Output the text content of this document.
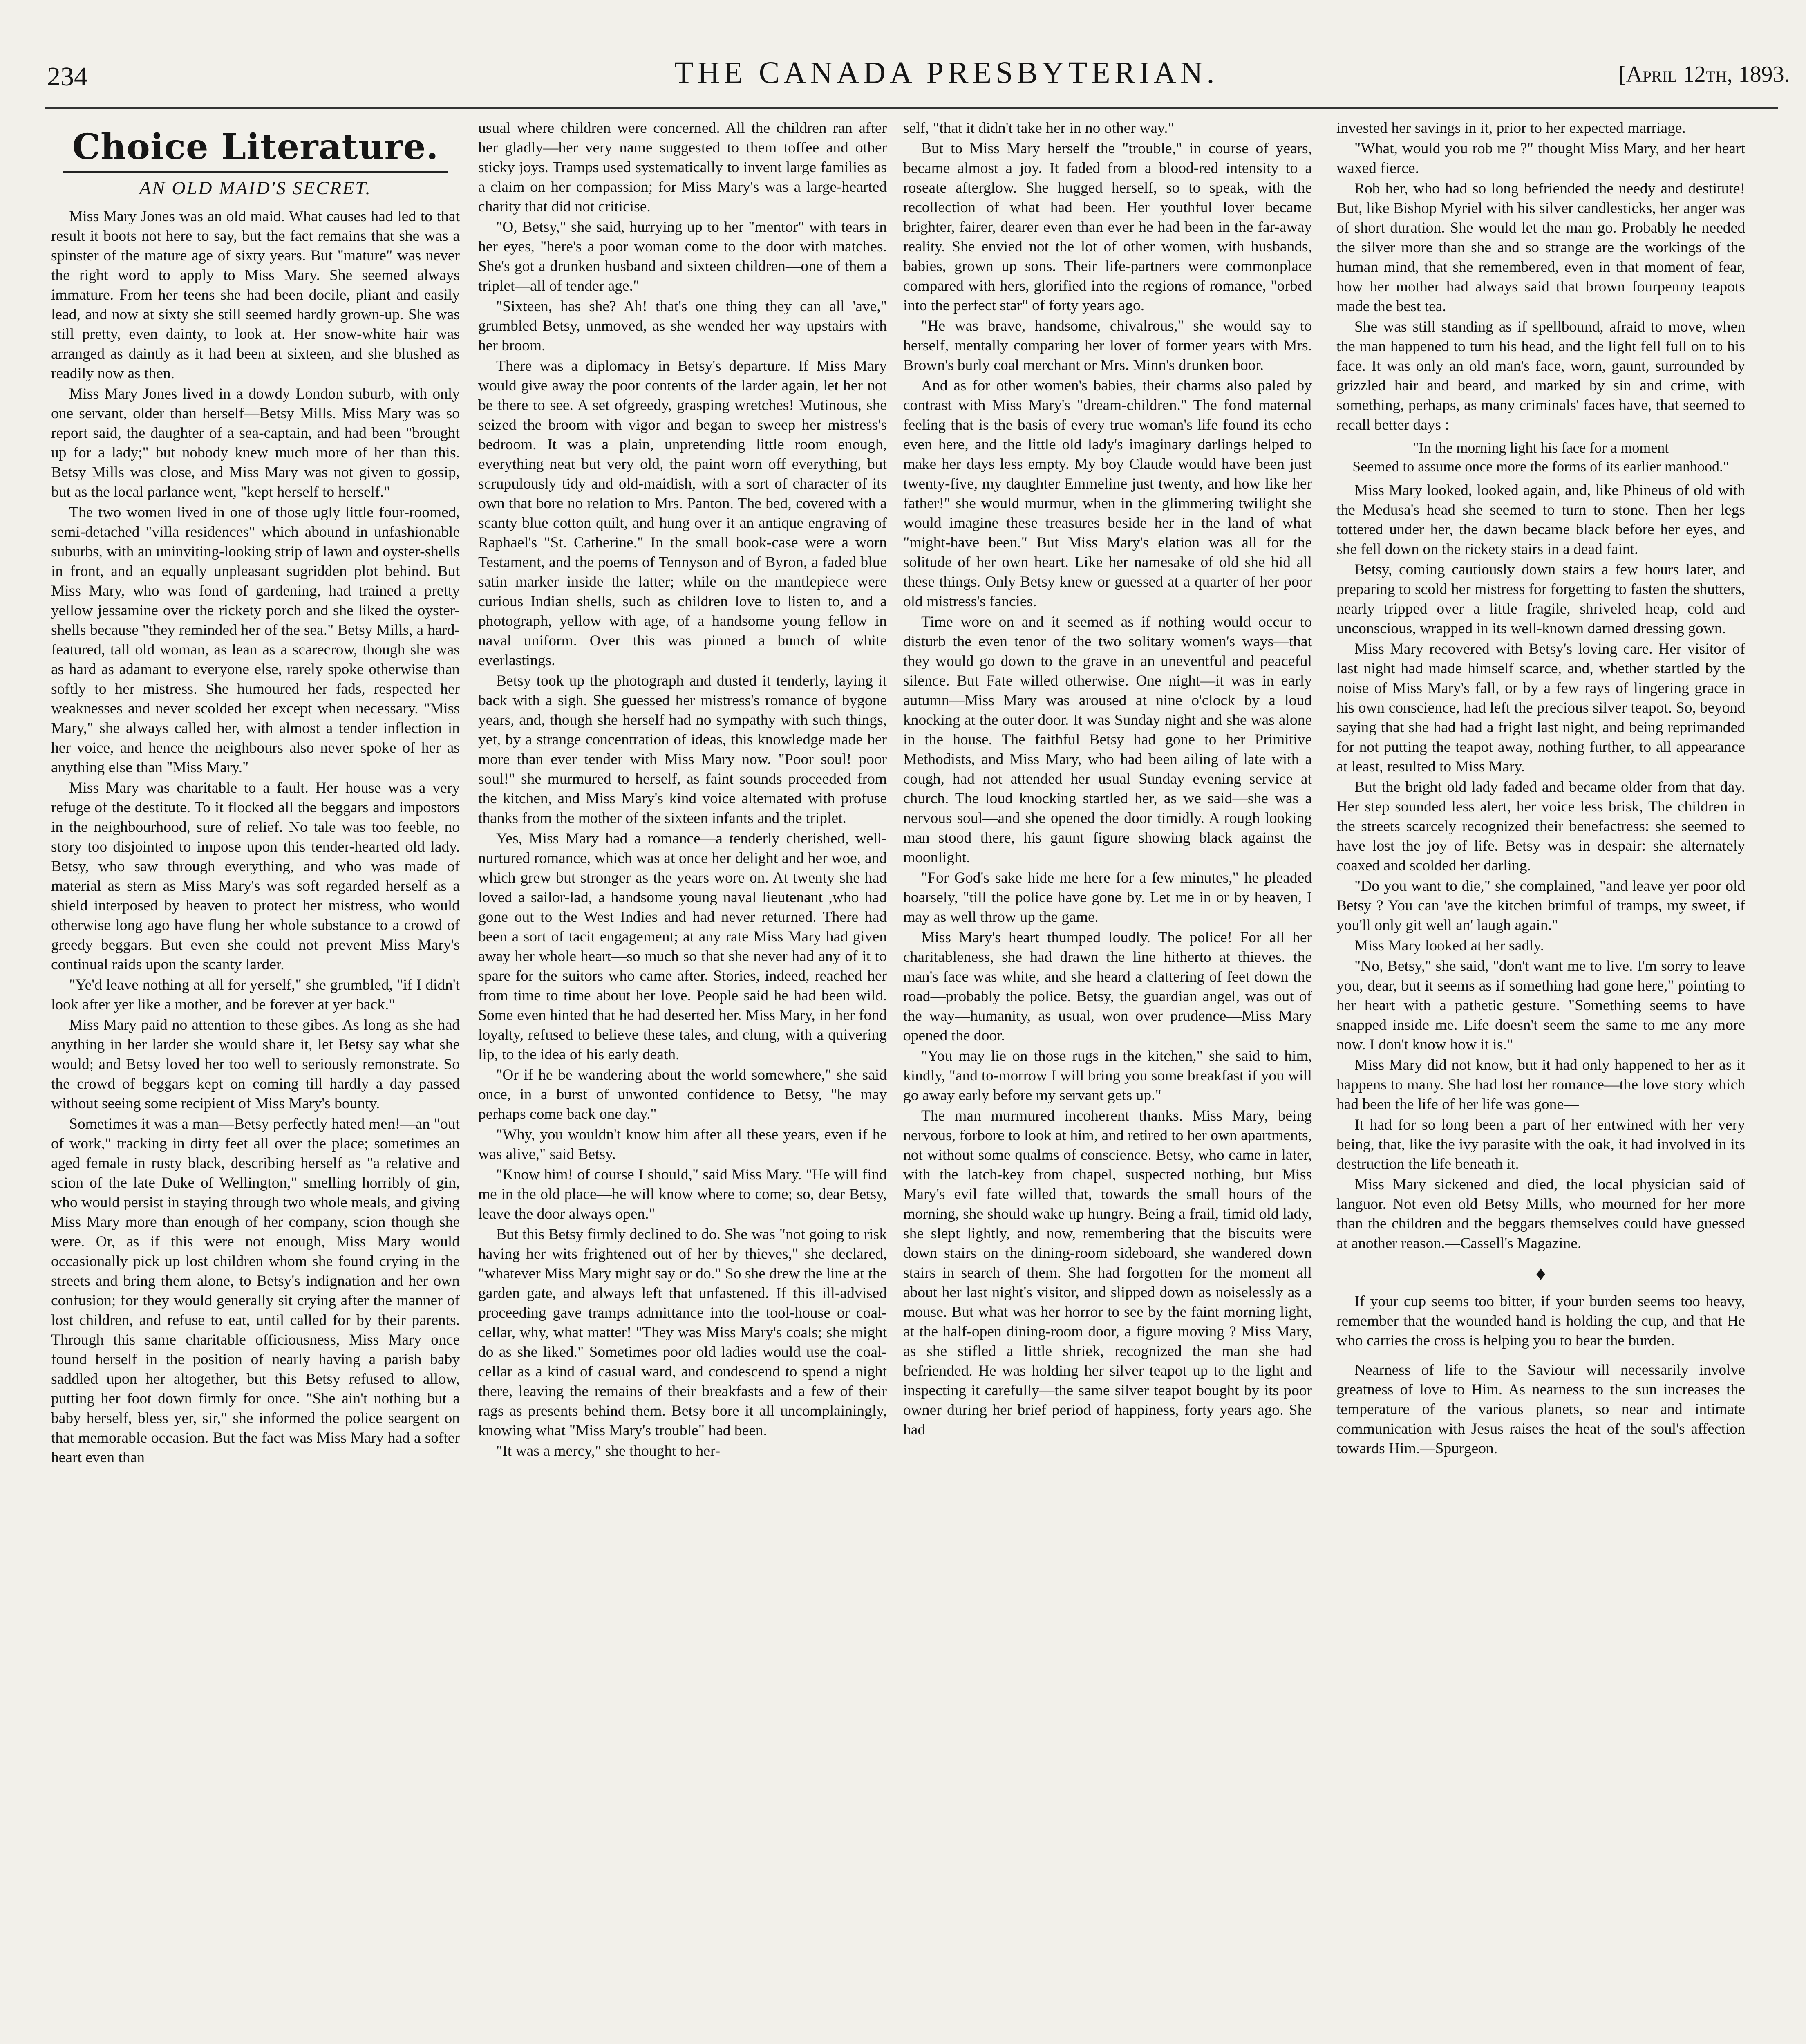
234	THE CANADA PRESBYTERIAN.	[April 12th, 1893.
Choice Literature.
AN OLD MAID'S SECRET.

Miss Mary Jones was an old maid. What causes had led to that result it boots not here to say, but the fact remains that she was a spinster of the mature age of sixty years. But "mature" was never the right word to apply to Miss Mary. She seemed always immature. From her teens she had been docile, pliant and easily lead, and now at sixty she still seemed hardly grown-up. She was still pretty, even dainty, to look at. Her snow-white hair was arranged as daintly as it had been at sixteen, and she blushed as readily now as then.

Miss Mary Jones lived in a dowdy London suburb, with only one servant, older than herself—Betsy Mills. Miss Mary was so report said, the daughter of a sea-captain, and had been "brought up for a lady;" but nobody knew much more of her than this. Betsy Mills was close, and Miss Mary was not given to gossip, but as the local parlance went, "kept herself to herself."

The two women lived in one of those ugly little four-roomed, semi-detached "villa residences" which abound in unfashionable suburbs, with an uninviting-looking strip of lawn and oyster-shells in front, and an equally unpleasant sugridden plot behind. But Miss Mary, who was fond of gardening, had trained a pretty yellow jessamine over the rickety porch and she liked the oyster-shells because "they reminded her of the sea." Betsy Mills, a hard-featured, tall old woman, as lean as a scarecrow, though she was as hard as adamant to everyone else, rarely spoke otherwise than softly to her mistress. She humoured her fads, respected her weaknesses and never scolded her except when necessary. "Miss Mary," she always called her, with almost a tender inflection in her voice, and hence the neighbours also never spoke of her as anything else than "Miss Mary."

Miss Mary was charitable to a fault. Her house was a very refuge of the destitute. To it flocked all the beggars and impostors in the neighbourhood, sure of relief. No tale was too feeble, no story too disjointed to impose upon this tender-hearted old lady. Betsy, who saw through everything, and who was made of material as stern as Miss Mary's was soft regarded herself as a shield interposed by heaven to protect her mistress, who would otherwise long ago have flung her whole substance to a crowd of greedy beggars. But even she could not prevent Miss Mary's continual raids upon the scanty larder.

"Ye'd leave nothing at all for yerself," she grumbled, "if I didn't look after yer like a mother, and be forever at yer back."

Miss Mary paid no attention to these gibes. As long as she had anything in her larder she would share it, let Betsy say what she would; and Betsy loved her too well to seriously remonstrate. So the crowd of beggars kept on coming till hardly a day passed without seeing some recipient of Miss Mary's bounty.

Sometimes it was a man—Betsy perfectly hated men!—an "out of work," tracking in dirty feet all over the place; sometimes an aged female in rusty black, describing herself as "a relative and scion of the late Duke of Wellington," smelling horribly of gin, who would persist in staying through two whole meals, and giving Miss Mary more than enough of her company, scion though she were. Or, as if this were not enough, Miss Mary would occasionally pick up lost children whom she found crying in the streets and bring them alone, to Betsy's indignation and her own confusion; for they would generally sit crying after the manner of lost children, and refuse to eat, until called for by their parents. Through this same charitable officiousness, Miss Mary once found herself in the position of nearly having a parish baby saddled upon her altogether, but this Betsy refused to allow, putting her foot down firmly for once. "She ain't nothing but a baby herself, bless yer, sir," she informed the police seargent on that memorable occasion. But the fact was Miss Mary had a softer heart even than

usual where children were concerned. All the children ran after her gladly—her very name suggested to them toffee and other sticky joys. Tramps used systematically to invent large families as a claim on her compassion; for Miss Mary's was a large-hearted charity that did not criticise.

"O, Betsy," she said, hurrying up to her "mentor" with tears in her eyes, "here's a poor woman come to the door with matches. She's got a drunken husband and sixteen children—one of them a triplet—all of tender age."

"Sixteen, has she? Ah! that's one thing they can all 'ave," grumbled Betsy, unmoved, as she wended her way upstairs with her broom.

There was a diplomacy in Betsy's departure. If Miss Mary would give away the poor contents of the larder again, let her not be there to see. A set ofgreedy, grasping wretches! Mutinous, she seized the broom with vigor and began to sweep her mistress's bedroom. It was a plain, unpretending little room enough, everything neat but very old, the paint worn off everything, but scrupulously tidy and old-maidish, with a sort of character of its own that bore no relation to Mrs. Panton. The bed, covered with a scanty blue cotton quilt, and hung over it an antique engraving of Raphael's "St. Catherine." In the small book-case were a worn Testament, and the poems of Tennyson and of Byron, a faded blue satin marker inside the latter; while on the mantlepiece were curious Indian shells, such as children love to listen to, and a photograph, yellow with age, of a handsome young fellow in naval uniform. Over this was pinned a bunch of white everlastings.

Betsy took up the photograph and dusted it tenderly, laying it back with a sigh. She guessed her mistress's romance of bygone years, and, though she herself had no sympathy with such things, yet, by a strange concentration of ideas, this knowledge made her more than ever tender with Miss Mary now. "Poor soul! poor soul!" she murmured to herself, as faint sounds proceeded from the kitchen, and Miss Mary's kind voice alternated with profuse thanks from the mother of the sixteen infants and the triplet.

Yes, Miss Mary had a romance—a tenderly cherished, well-nurtured romance, which was at once her delight and her woe, and which grew but stronger as the years wore on. At twenty she had loved a sailor-lad, a handsome young naval lieutenant ,who had gone out to the West Indies and had never returned. There had been a sort of tacit engagement; at any rate Miss Mary had given away her whole heart—so much so that she never had any of it to spare for the suitors who came after. Stories, indeed, reached her from time to time about her love. People said he had been wild. Some even hinted that he had deserted her. Miss Mary, in her fond loyalty, refused to believe these tales, and clung, with a quivering lip, to the idea of his early death.

"Or if he be wandering about the world somewhere," she said once, in a burst of unwonted confidence to Betsy, "he may perhaps come back one day."

"Why, you wouldn't know him after all these years, even if he was alive," said Betsy.

"Know him! of course I should," said Miss Mary. "He will find me in the old place—he will know where to come; so, dear Betsy, leave the door always open."

But this Betsy firmly declined to do. She was "not going to risk having her wits frightened out of her by thieves," she declared, "whatever Miss Mary might say or do." So she drew the line at the garden gate, and always left that unfastened. If this ill-advised proceeding gave tramps admittance into the tool-house or coal-cellar, why, what matter! "They was Miss Mary's coals; she might do as she liked." Sometimes poor old ladies would use the coal-cellar as a kind of casual ward, and condescend to spend a night there, leaving the remains of their breakfasts and a few of their rags as presents behind them. Betsy bore it all uncomplainingly, knowing what "Miss Mary's trouble" had been.

"It was a mercy," she thought to her-

self, "that it didn't take her in no other way."

But to Miss Mary herself the "trouble," in course of years, became almost a joy. It faded from a blood-red intensity to a roseate afterglow. She hugged herself, so to speak, with the recollection of what had been. Her youthful lover became brighter, fairer, dearer even than ever he had been in the far-away reality. She envied not the lot of other women, with husbands, babies, grown up sons. Their life-partners were commonplace compared with hers, glorified into the regions of romance, "orbed into the perfect star" of forty years ago.

"He was brave, handsome, chivalrous," she would say to herself, mentally comparing her lover of former years with Mrs. Brown's burly coal merchant or Mrs. Minn's drunken boor.

And as for other women's babies, their charms also paled by contrast with Miss Mary's "dream-children." The fond maternal feeling that is the basis of every true woman's life found its echo even here, and the little old lady's imaginary darlings helped to make her days less empty. My boy Claude would have been just twenty-five, my daughter Emmeline just twenty, and how like her father!" she would murmur, when in the glimmering twilight she would imagine these treasures beside her in the land of what "might-have been." But Miss Mary's elation was all for the solitude of her own heart. Like her namesake of old she hid all these things. Only Betsy knew or guessed at a quarter of her poor old mistress's fancies.

Time wore on and it seemed as if nothing would occur to disturb the even tenor of the two solitary women's ways—that they would go down to the grave in an uneventful and peaceful silence. But Fate willed otherwise. One night—it was in early autumn—Miss Mary was aroused at nine o'clock by a loud knocking at the outer door. It was Sunday night and she was alone in the house. The faithful Betsy had gone to her Primitive Methodists, and Miss Mary, who had been ailing of late with a cough, had not attended her usual Sunday evening service at church. The loud knocking startled her, as we said—she was a nervous soul—and she opened the door timidly. A rough looking man stood there, his gaunt figure showing black against the moonlight.

"For God's sake hide me here for a few minutes," he pleaded hoarsely, "till the police have gone by. Let me in or by heaven, I may as well throw up the game.

Miss Mary's heart thumped loudly. The police! For all her charitableness, she had drawn the line hitherto at thieves. the man's face was white, and she heard a clattering of feet down the road—probably the police. Betsy, the guardian angel, was out of the way—humanity, as usual, won over prudence—Miss Mary opened the door.

"You may lie on those rugs in the kitchen," she said to him, kindly, "and to-morrow I will bring you some breakfast if you will go away early before my servant gets up."

The man murmured incoherent thanks. Miss Mary, being nervous, forbore to look at him, and retired to her own apartments, not without some qualms of conscience. Betsy, who came in later, with the latch-key from chapel, suspected nothing, but Miss Mary's evil fate willed that, towards the small hours of the morning, she should wake up hungry. Being a frail, timid old lady, she slept lightly, and now, remembering that the biscuits were down stairs on the dining-room sideboard, she wandered down stairs in search of them. She had forgotten for the moment all about her last night's visitor, and slipped down as noiselessly as a mouse. But what was her horror to see by the faint morning light, at the half-open dining-room door, a figure moving ? Miss Mary, as she stifled a little shriek, recognized the man she had befriended. He was holding her silver teapot up to the light and inspecting it carefully—the same silver teapot bought by its poor owner during her brief period of happiness, forty years ago. She had

invested her savings in it, prior to her expected marriage.

"What, would you rob me ?" thought Miss Mary, and her heart waxed fierce.

Rob her, who had so long befriended the needy and destitute! But, like Bishop Myriel with his silver candlesticks, her anger was of short duration. She would let the man go. Probably he needed the silver more than she and so strange are the workings of the human mind, that she remembered, even in that moment of fear, how her mother had always said that brown fourpenny teapots made the best tea.

She was still standing as if spellbound, afraid to move, when the man happened to turn his head, and the light fell full on to his face. It was only an old man's face, worn, gaunt, surrounded by grizzled hair and beard, and marked by sin and crime, with something, perhaps, as many criminals' faces have, that seemed to recall better days :

"In the morning light his face for a moment
Seemed to assume once more the forms of its earlier manhood."

Miss Mary looked, looked again, and, like Phineus of old with the Medusa's head she seemed to turn to stone. Then her legs tottered under her, the dawn became black before her eyes, and she fell down on the rickety stairs in a dead faint.

Betsy, coming cautiously down stairs a few hours later, and preparing to scold her mistress for forgetting to fasten the shutters, nearly tripped over a little fragile, shriveled heap, cold and unconscious, wrapped in its well-known darned dressing gown.

Miss Mary recovered with Betsy's loving care. Her visitor of last night had made himself scarce, and, whether startled by the noise of Miss Mary's fall, or by a few rays of lingering grace in his own conscience, had left the precious silver teapot. So, beyond saying that she had had a fright last night, and being reprimanded for not putting the teapot away, nothing further, to all appearance at least, resulted to Miss Mary.

But the bright old lady faded and became older from that day. Her step sounded less alert, her voice less brisk, The children in the streets scarcely recognized their benefactress: she seemed to have lost the joy of life. Betsy was in despair: she alternately coaxed and scolded her darling.

"Do you want to die," she complained, "and leave yer poor old Betsy ? You can 'ave the kitchen brimful of tramps, my sweet, if you'll only git well an' laugh again."

Miss Mary looked at her sadly.

"No, Betsy," she said, "don't want me to live. I'm sorry to leave you, dear, but it seems as if something had gone here," pointing to her heart with a pathetic gesture. "Something seems to have snapped inside me. Life doesn't seem the same to me any more now. I don't know how it is."

Miss Mary did not know, but it had only happened to her as it happens to many. She had lost her romance—the love story which had been the life of her life was gone—

It had for so long been a part of her entwined with her very being, that, like the ivy parasite with the oak, it had involved in its destruction the life beneath it.

Miss Mary sickened and died, the local physician said of languor. Not even old Betsy Mills, who mourned for her more than the children and the beggars themselves could have guessed at another reason.—Cassell's Magazine.

♦

If your cup seems too bitter, if your burden seems too heavy, remember that the wounded hand is holding the cup, and that He who carries the cross is helping you to bear the burden.

Nearness of life to the Saviour will necessarily involve greatness of love to Him. As nearness to the sun increases the temperature of the various planets, so near and intimate communication with Jesus raises the heat of the soul's affection towards Him.—Spurgeon.
